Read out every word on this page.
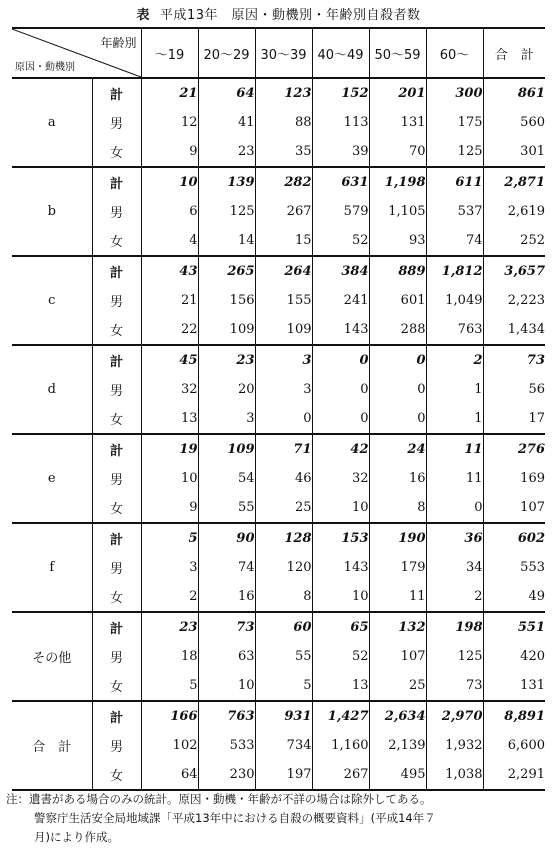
表 平成13年　原因・動機別・年齢別自殺者数
年齢別
原因・動機別		～19	20～29	30～39	40～49	50～59	60～	合　計
a	計	21	64	123	152	201	300	861
	男	12	41	88	113	131	175	560
	女	9	23	35	39	70	125	301
b	計	10	139	282	631	1,198	611	2,871
	男	6	125	267	579	1,105	537	2,619
	女	4	14	15	52	93	74	252
c	計	43	265	264	384	889	1,812	3,657
	男	21	156	155	241	601	1,049	2,223
	女	22	109	109	143	288	763	1,434
d	計	45	23	3	0	0	2	73
	男	32	20	3	0	0	1	56
	女	13	3	0	0	0	1	17
e	計	19	109	71	42	24	11	276
	男	10	54	46	32	16	11	169
	女	9	55	25	10	8	0	107
f	計	5	90	128	153	190	36	602
	男	3	74	120	143	179	34	553
	女	2	16	8	10	11	2	49
その他	計	23	73	60	65	132	198	551
	男	18	63	55	52	107	125	420
	女	5	10	5	13	25	73	131
合　計	計	166	763	931	1,427	2,634	2,970	8,891
	男	102	533	734	1,160	2,139	1,932	6,600
	女	64	230	197	267	495	1,038	2,291
注：遺書がある場合のみの統計。原因・動機・年齢が不詳の場合は除外してある。
警察庁生活安全局地域課「平成13年中における自殺の概要資料」(平成14年７
月)により作成。
